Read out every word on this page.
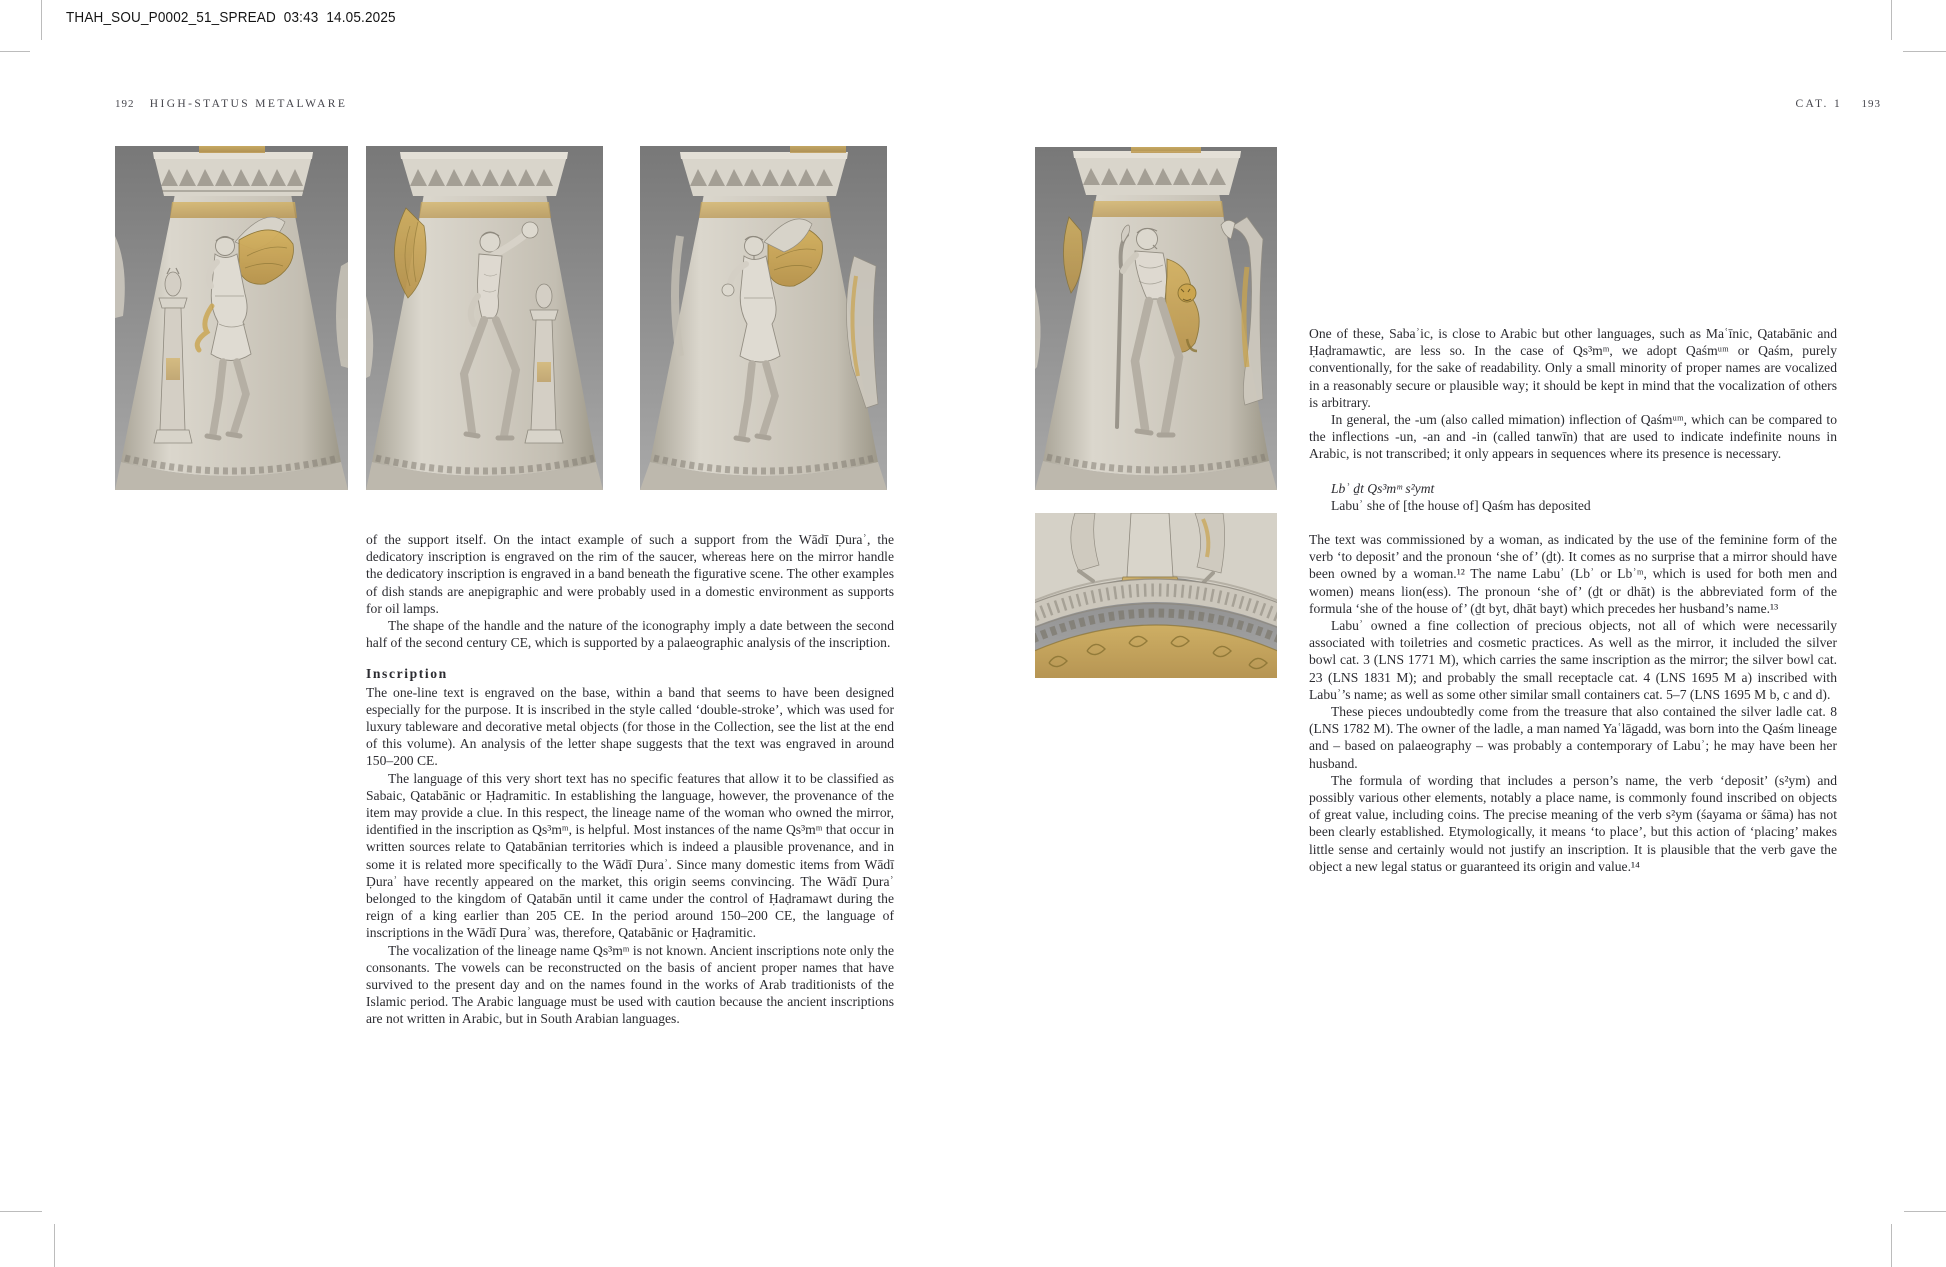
THAH_SOU_P0002_51_SPREAD  03:43  14.05.2025
192 HIGH-STATUS METALWARE	CAT. 1 193

of the support itself. On the intact example of such a support from the Wādī Ḍuraʾ, the dedicatory inscription is engraved on the rim of the saucer, whereas here on the mirror handle the dedicatory inscription is engraved in a band beneath the figurative scene. The other examples of dish stands are anepigraphic and were probably used in a domestic environment as supports for oil lamps.

The shape of the handle and the nature of the iconography imply a date between the second half of the second century CE, which is supported by a palaeographic analysis of the inscription.

Inscription

The one-line text is engraved on the base, within a band that seems to have been designed especially for the purpose. It is inscribed in the style called ‘double-stroke’, which was used for luxury tableware and decorative metal objects (for those in the Collection, see the list at the end of this volume). An analysis of the letter shape suggests that the text was engraved in around 150–200 CE.

The language of this very short text has no specific features that allow it to be classified as Sabaic, Qatabānic or Ḥaḍramitic. In establishing the language, however, the provenance of the item may provide a clue. In this respect, the lineage name of the woman who owned the mirror, identified in the inscription as Qs³mᵐ, is helpful. Most instances of the name Qs³mᵐ that occur in written sources relate to Qatabānian territories which is indeed a plausible provenance, and in some it is related more specifically to the Wādī Ḍuraʾ. Since many domestic items from Wādī Ḍuraʾ have recently appeared on the market, this origin seems convincing. The Wādī Ḍuraʾ belonged to the kingdom of Qatabān until it came under the control of Ḥaḍramawt during the reign of a king earlier than 205 CE. In the period around 150–200 CE, the language of inscriptions in the Wādī Ḍuraʾ was, therefore, Qatabānic or Ḥaḍramitic.

The vocalization of the lineage name Qs³mᵐ is not known. Ancient inscriptions note only the consonants. The vowels can be reconstructed on the basis of ancient proper names that have survived to the present day and on the names found in the works of Arab traditionists of the Islamic period. The Arabic language must be used with caution because the ancient inscriptions are not written in Arabic, but in South Arabian languages.

One of these, Sabaʾic, is close to Arabic but other languages, such as Maʿīnic, Qatabānic and Ḥaḍramawtic, are less so. In the case of Qs³mᵐ, we adopt Qaśmᵘᵐ or Qaśm, purely conventionally, for the sake of readability. Only a small minority of proper names are vocalized in a reasonably secure or plausible way; it should be kept in mind that the vocalization of others is arbitrary.

In general, the -um (also called mimation) inflection of Qaśmᵘᵐ, which can be compared to the inflections -un, -an and -in (called tanwīn) that are used to indicate indefinite nouns in Arabic, is not transcribed; it only appears in sequences where its presence is necessary.

Lbʾ ḏt Qs³mᵐ s²ymt
Labuʾ she of [the house of] Qaśm has deposited

The text was commissioned by a woman, as indicated by the use of the feminine form of the verb ‘to deposit’ and the pronoun ‘she of’ (ḏt). It comes as no surprise that a mirror should have been owned by a woman.¹² The name Labuʾ (Lbʾ or Lbʾᵐ, which is used for both men and women) means lion(ess). The pronoun ‘she of’ (ḏt or dhāt) is the abbreviated form of the formula ‘she of the house of’ (ḏt byt, dhāt bayt) which precedes her husband’s name.¹³

Labuʾ owned a fine collection of precious objects, not all of which were necessarily associated with toiletries and cosmetic practices. As well as the mirror, it included the silver bowl cat. 3 (LNS 1771 M), which carries the same inscription as the mirror; the silver bowl cat. 23 (LNS 1831 M); and probably the small receptacle cat. 4 (LNS 1695 M a) inscribed with Labuʾ’s name; as well as some other similar small containers cat. 5–7 (LNS 1695 M b, c and d).

These pieces undoubtedly come from the treasure that also contained the silver ladle cat. 8 (LNS 1782 M). The owner of the ladle, a man named Yaʿlāgadd, was born into the Qaśm lineage and – based on palaeography – was probably a contemporary of Labuʾ; he may have been her husband.

The formula of wording that includes a person’s name, the verb ‘deposit’ (s²ym) and possibly various other elements, notably a place name, is commonly found inscribed on objects of great value, including coins. The precise meaning of the verb s²ym (śayama or śāma) has not been clearly established. Etymologically, it means ‘to place’, but this action of ‘placing’ makes little sense and certainly would not justify an inscription. It is plausible that the verb gave the object a new legal status or guaranteed its origin and value.¹⁴
